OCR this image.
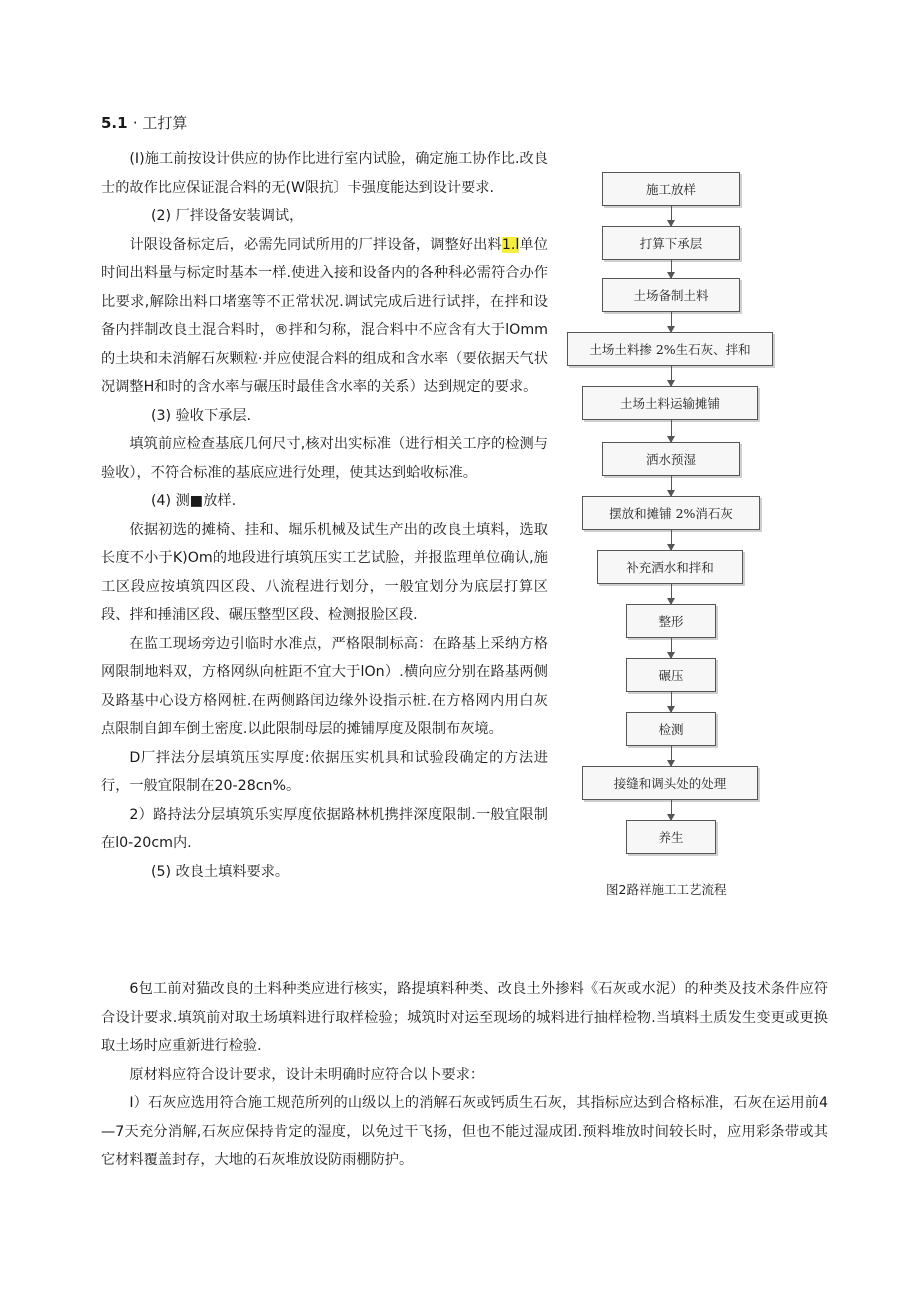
5.1 · 工打算

(I)施工前按设计供应的协作比进行室内试脸，确定施工协作比.改良士的故作比应保证混合料的无(W限抗〕卡强度能达到设计要求.

(2) 厂拌设备安装调试，

计限设备标定后，必需先同试所用的厂拌设备，调整好出料1.l单位时间出料量与标定时基本一样.使进入接和设备内的各种科必需符合办作比要求,解除出料口堵塞等不正常状况.调试完成后进行试拌，在拌和设备内拌制改良土混合料时，®拌和匀称，混合料中不应含有大于lOmm的土块和未消解石灰颗粒·并应使混合料的组成和含水率（要依据天气状况调整H和时的含水率与碾压时最佳含水率的关系）达到规定的要求。

(3) 验收下承层.

填筑前应检查基底几何尺寸,核对出实标准（进行相关工序的检测与验收），不符合标准的基底应进行处理，使其达到蛤收标准。

(4) 测■放样.

依据初选的摊椅、挂和、堀乐机械及试生产出的改良土填料，选取长度不小于K)Om的地段进行填筑压实工艺试脸，并报监理单位确认,施工区段应按填筑四区段、八流程进行划分，一般宜划分为底层打算区段、拌和捶浦区段、碾压整型区段、检测报脸区段.

在监工现场旁边引临时水准点，严格限制标高：在路基上采纳方格网限制地料双，方格网纵向桩距不宜大于lOn）.横向应分别在路基两侧及路基中心设方格网桩.在两侧路闰边缘外设指示桩.在方格网内用白灰点限制自卸车倒土密度.以此限制母层的摊铺厚度及限制布灰境。

D厂拌法分层填筑压实厚度:依据压实机具和试验段确定的方法进行，一般宜限制在20-28cn%。

2）路持法分层填筑乐实厚度依据路林机携拌深度限制.一般宜限制在l0-20cm内.

(5) 改良土填料要求。

6包工前对猫改良的土料种类应进行核实，路提填料种类、改良土外掺料《石灰或水泥）的种类及技术条件应符合设计要求.填筑前对取土场填料进行取样检验；城筑时对运至现场的城料进行抽样检物.当填料土质发生变更或更换取土场时应重新进行检验.

原材料应符合设计要求，设计未明确时应符合以卜要求：

I）石灰应选用符合施工规范所列的山级以上的消解石灰或钙质生石灰，其指标应达到合格标准，石灰在运用前4—7天充分消解,石灰应保持肯定的湿度，以免过干飞扬，但也不能过湿成团.预料堆放时间较长时，应用彩条带或其它材料覆盖封存，大地的石灰堆放设防雨棚防护。

施工放样
打算下承层
土场备制土料
土场土料掺 2%生石灰、拌和
土场土料运输摊铺
洒水预湿
摆放和摊铺 2%消石灰
补充洒水和拌和
整形
碾压
检测
接缝和调头处的处理
养生
图2路祥施工工艺流程
